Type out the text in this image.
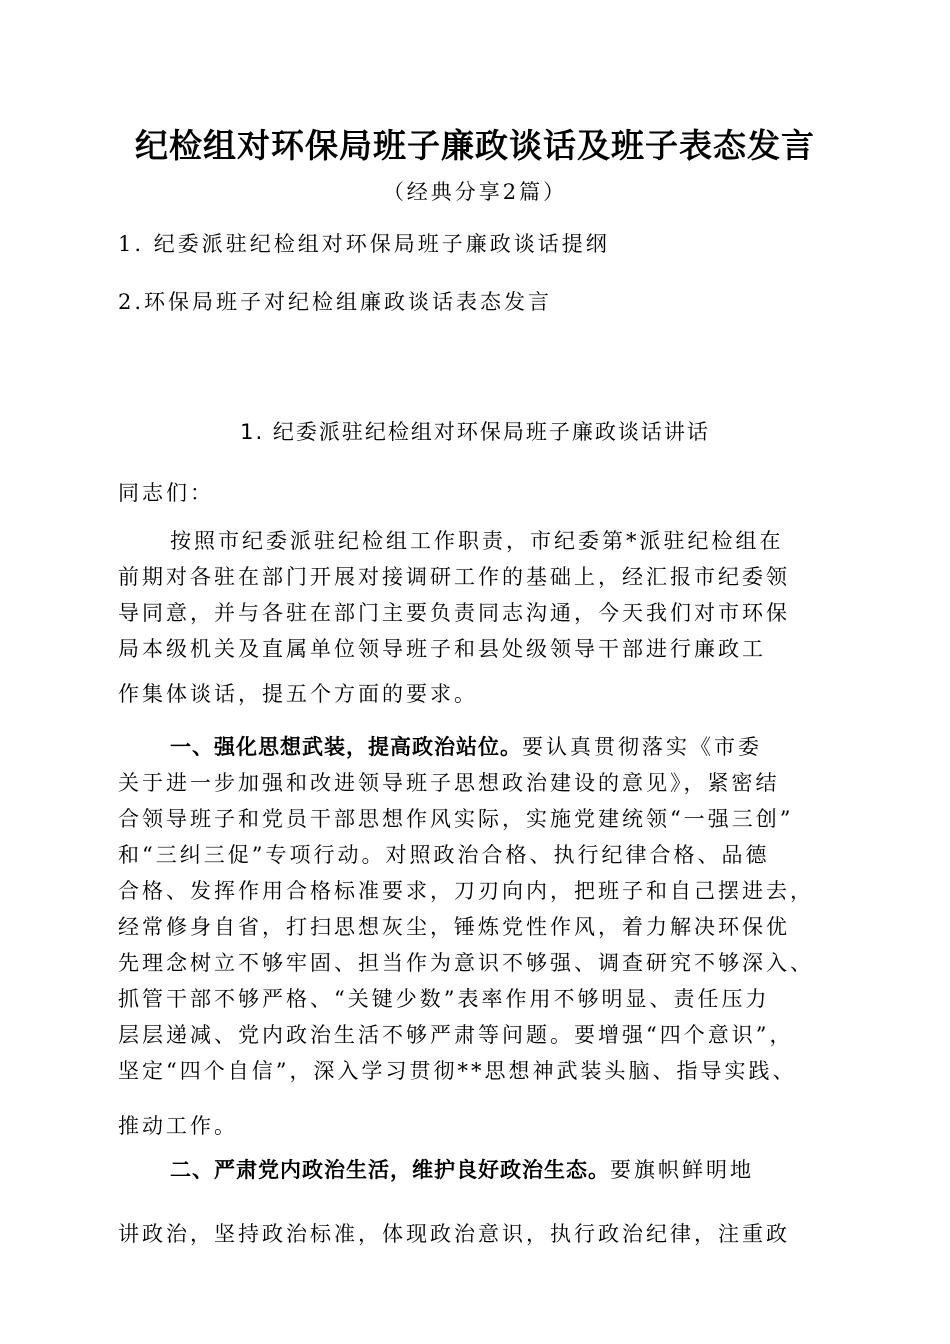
纪检组对环保局班子廉政谈话及班子表态发言
（经典分享2篇）
1. 纪委派驻纪检组对环保局班子廉政谈话提纲
2.环保局班子对纪检组廉政谈话表态发言
1. 纪委派驻纪检组对环保局班子廉政谈话讲话
同志们：
按照市纪委派驻纪检组工作职责，市纪委第*派驻纪检组在
前期对各驻在部门开展对接调研工作的基础上，经汇报市纪委领
导同意，并与各驻在部门主要负责同志沟通，今天我们对市环保
局本级机关及直属单位领导班子和县处级领导干部进行廉政工
作集体谈话，提五个方面的要求。
一、强化思想武装，提高政治站位。要认真贯彻落实《市委
关于进一步加强和改进领导班子思想政治建设的意见》，紧密结
合领导班子和党员干部思想作风实际，实施党建统领“一强三创”
和“三纠三促”专项行动。对照政治合格、执行纪律合格、品德
合格、发挥作用合格标准要求，刀刃向内，把班子和自己摆进去，
经常修身自省，打扫思想灰尘，锤炼党性作风，着力解决环保优
先理念树立不够牢固、担当作为意识不够强、调查研究不够深入、
抓管干部不够严格、“关键少数”表率作用不够明显、责任压力
层层递减、党内政治生活不够严肃等问题。要增强“四个意识”，
坚定“四个自信”，深入学习贯彻**思想神武装头脑、指导实践、
推动工作。
二、严肃党内政治生活，维护良好政治生态。要旗帜鲜明地
讲政治，坚持政治标准，体现政治意识，执行政治纪律，注重政
